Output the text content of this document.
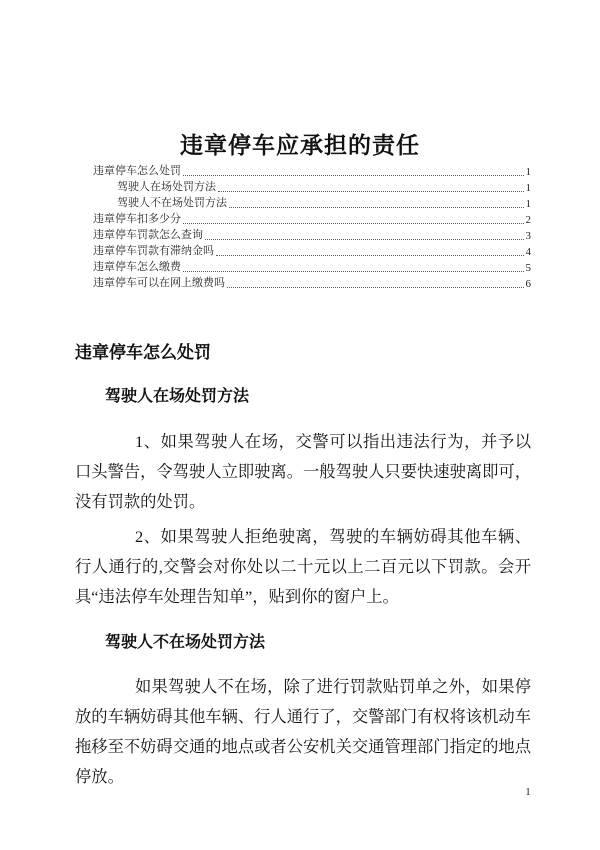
违章停车应承担的责任
违章停车怎么处罚	1
驾驶人在场处罚方法	1
驾驶人不在场处罚方法	1
违章停车扣多少分	2
违章停车罚款怎么查询	3
违章停车罚款有滞纳金吗	4
违章停车怎么缴费	5
违章停车可以在网上缴费吗	6
违章停车怎么处罚
驾驶人在场处罚方法
1、如果驾驶人在场，交警可以指出违法行为，并予以口头警告，令驾驶人立即驶离。一般驾驶人只要快速驶离即可，没有罚款的处罚。
2、如果驾驶人拒绝驶离，驾驶的车辆妨碍其他车辆、行人通行的,交警会对你处以二十元以上二百元以下罚款。会开具“违法停车处理告知单”，贴到你的窗户上。
驾驶人不在场处罚方法
如果驾驶人不在场，除了进行罚款贴罚单之外，如果停放的车辆妨碍其他车辆、行人通行了，交警部门有权将该机动车拖移至不妨碍交通的地点或者公安机关交通管理部门指定的地点停放。
1
